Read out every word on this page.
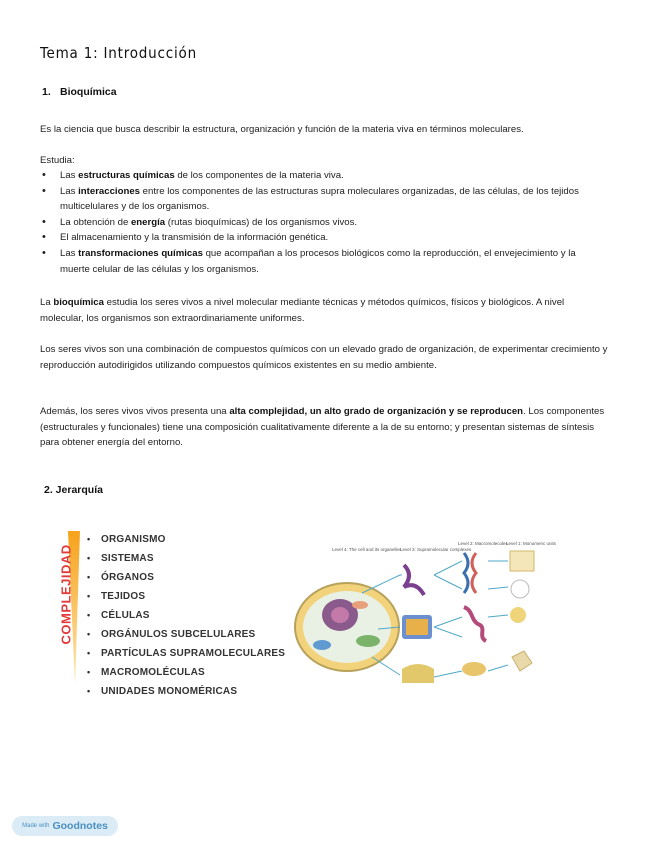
Tema 1: Introducción
1. Bioquímica
Es la ciencia que busca describir la estructura, organización y función de la materia viva en términos moleculares.
Estudia:
• Las estructuras químicas de los componentes de la materia viva.
• Las interacciones entre los componentes de las estructuras supra moleculares organizadas, de las células, de los tejidos multicelulares y de los organismos.
• La obtención de energía (rutas bioquímicas) de los organismos vivos.
• El almacenamiento y la transmisión de la información genética.
• Las transformaciones químicas que acompañan a los procesos biológicos como la reproducción, el envejecimiento y la muerte celular de las células y los organismos.
La bioquímica estudia los seres vivos a nivel molecular mediante técnicas y métodos químicos, físicos y biológicos. A nivel molecular, los organismos son extraordinariamente uniformes.
Los seres vivos son una combinación de compuestos químicos con un elevado grado de organización, de experimentar crecimiento y reproducción autodirigidos utilizando compuestos químicos existentes en su medio ambiente.
Además, los seres vivos vivos presenta una alta complejidad, un alto grado de organización y se reproducen. Los componentes (estructurales y funcionales) tiene una composición cualitativamente diferente a la de su entorno; y presentan sistemas de síntesis para obtener energía del entorno.
2. Jerarquía
Level 4: The cell and its organelles
Level 3: Supramolecular complexes
Level 2: Macromolecules
Level 1: Monomeric units
COMPLEJIDAD
• ORGANISMO
• SISTEMAS
• ÓRGANOS
• TEJIDOS
• CÉLULAS
• ORGÁNULOS SUBCELULARES
• PARTÍCULAS SUPRAMOLECULARES
• MACROMOLÉCULAS
• UNIDADES MONOMÉRICAS
Made with Goodnotes
